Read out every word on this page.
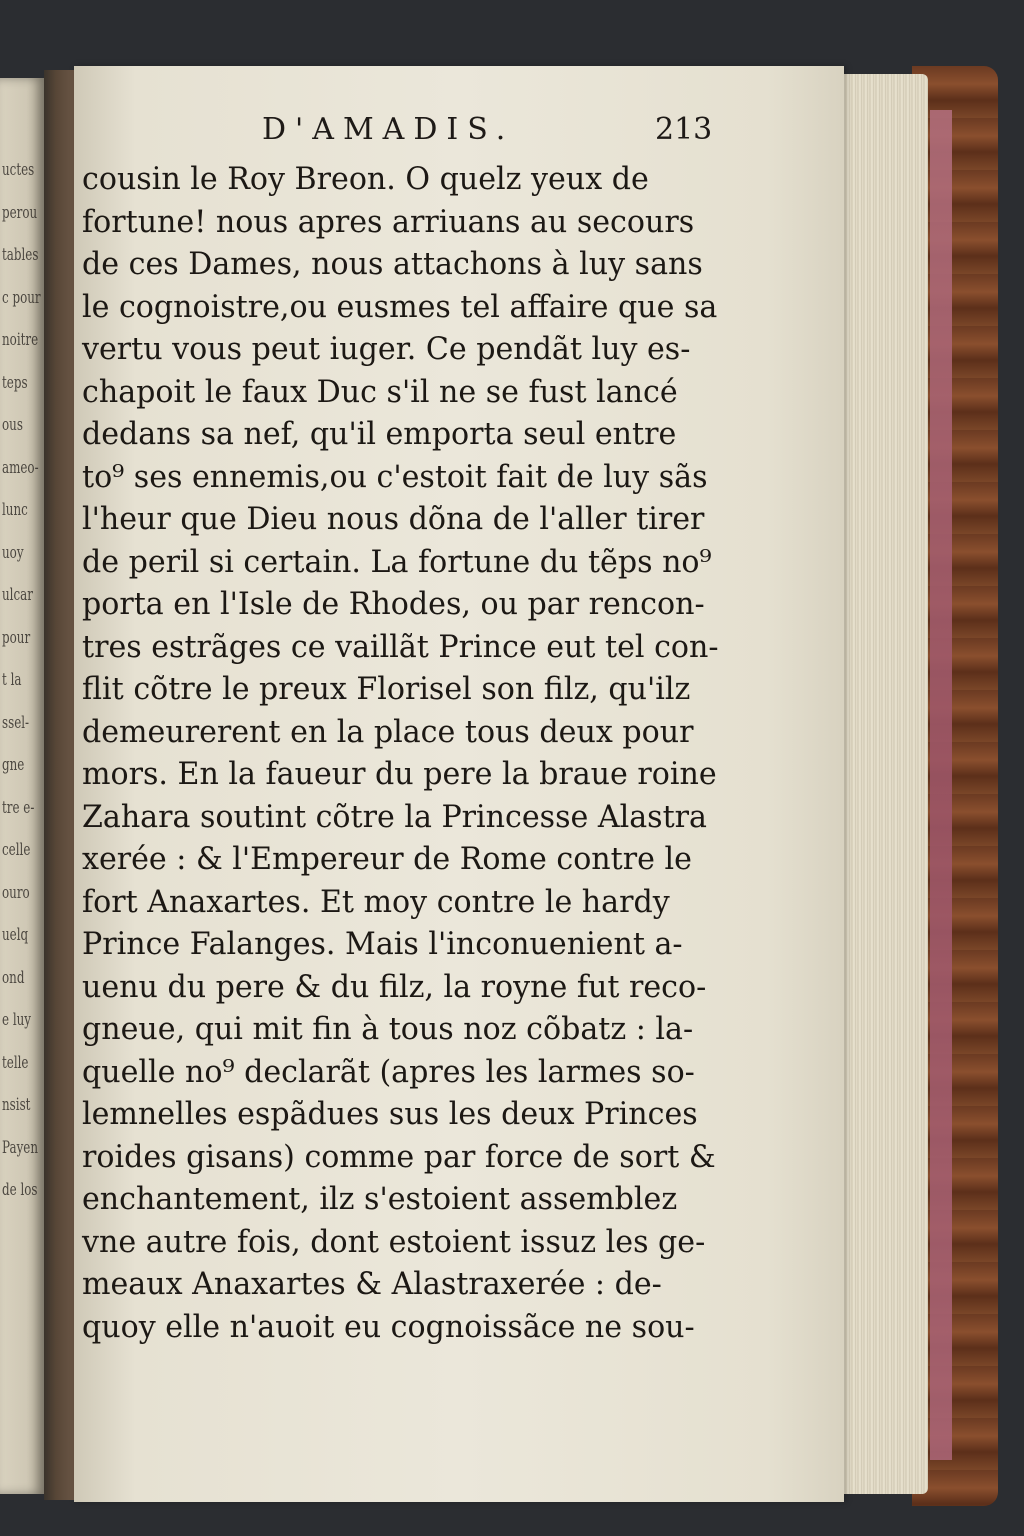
uctes
perou
tables
c pour
noitre
teps
ous
ameo-
lunc
uoy
ulcar
pour
t la
ssel-
gne
tre e-
celle
ouro
uelq
ond
e luy
telle
nsist
Payen
de los
D'AMADIS.	213
cousin le Roy Breon. O quelz yeux de
fortune! nous apres arriuans au secours
de ces Dames, nous attachons à luy sans
le cognoistre,ou eusmes tel affaire que sa
vertu vous peut iuger. Ce pendãt luy es-
chapoit le faux Duc s'il ne se fust lancé
dedans sa nef, qu'il emporta seul entre
to⁹ ses ennemis,ou c'estoit fait de luy sãs
l'heur que Dieu nous dõna de l'aller tirer
de peril si certain. La fortune du tẽps no⁹
porta en l'Isle de Rhodes, ou par rencon-
tres estrãges ce vaillãt Prince eut tel con-
flit cõtre le preux Florisel son filz, qu'ilz
demeurerent en la place tous deux pour
mors. En la faueur du pere la braue roine
Zahara soutint cõtre la Princesse Alastra
xerée : & l'Empereur de Rome contre le
fort Anaxartes. Et moy contre le hardy
Prince Falanges. Mais l'inconuenient a-
uenu du pere & du filz, la royne fut reco-
gneue, qui mit fin à tous noz cõbatz : la-
quelle no⁹ declarãt (apres les larmes so-
lemnelles espãdues sus les deux Princes
roides gisans) comme par force de sort &
enchantement, ilz s'estoient assemblez
vne autre fois, dont estoient issuz les ge-
meaux Anaxartes & Alastraxerée : de-
quoy elle n'auoit eu cognoissãce ne sou-
